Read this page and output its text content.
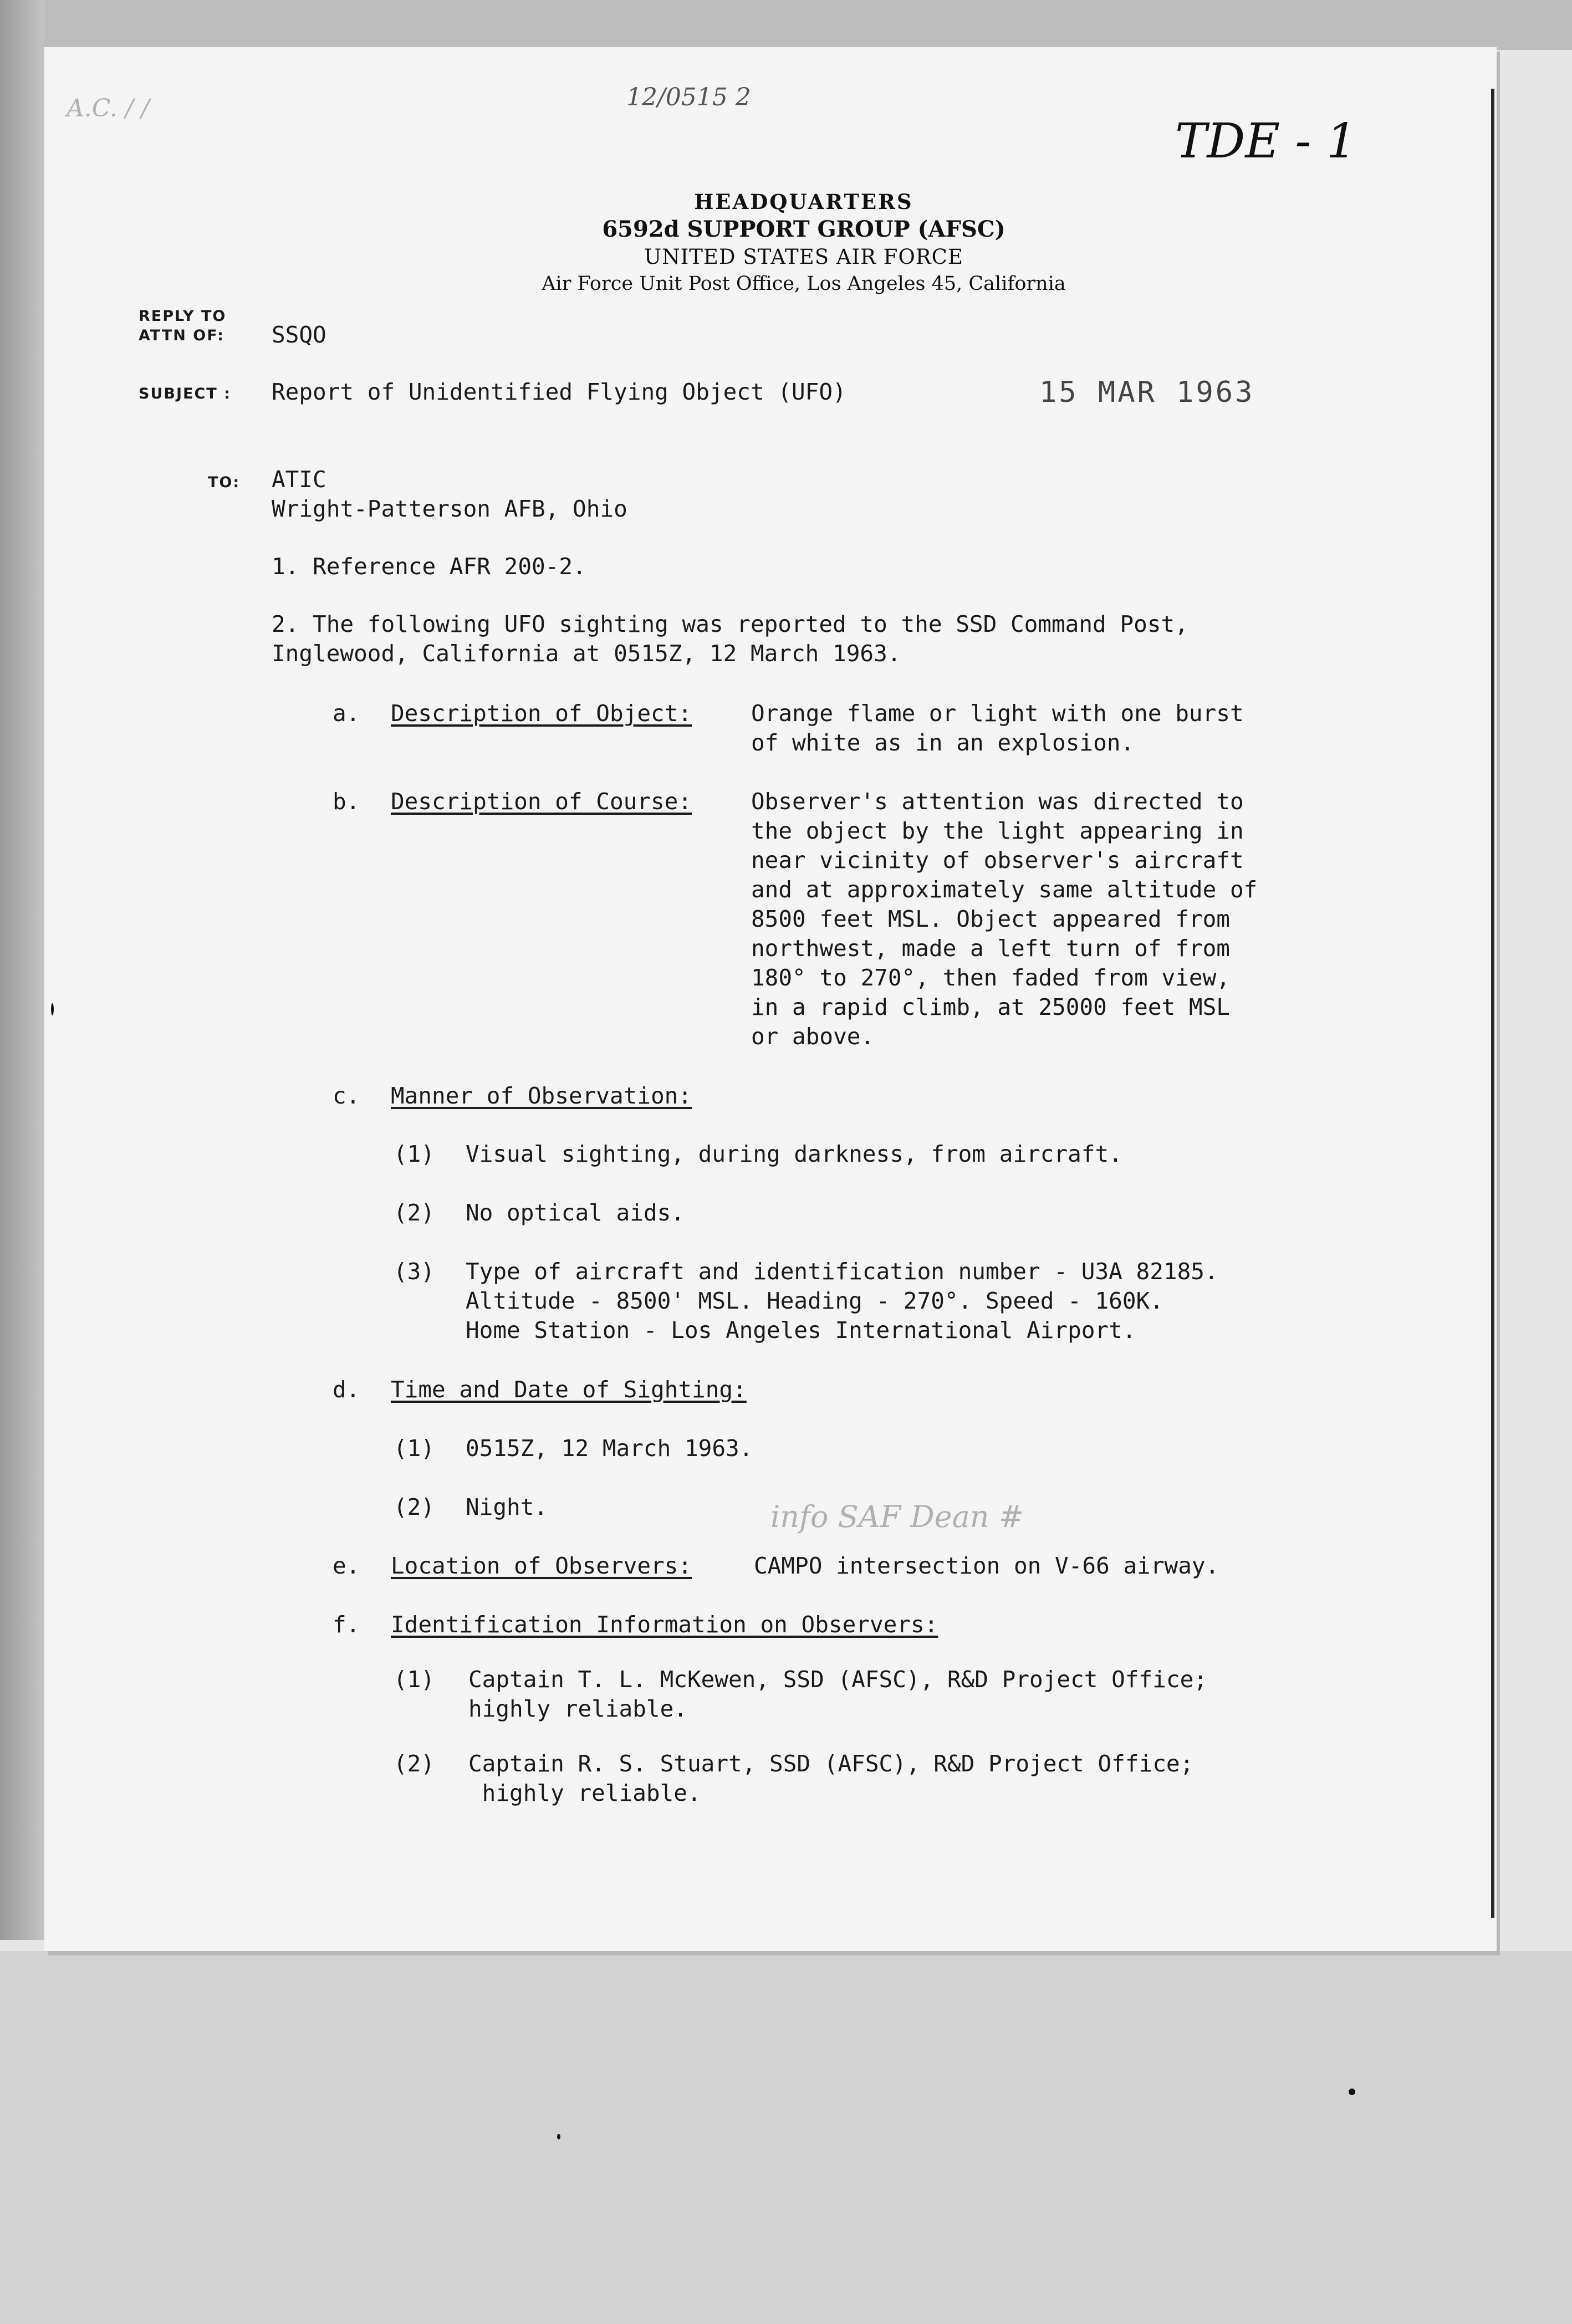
A.C. / /	12/0515 2
TDE - 1
HEADQUARTERS
6592d SUPPORT GROUP (AFSC)
UNITED STATES AIR FORCE
Air Force Unit Post Office, Los Angeles 45, California
REPLY TO
ATTN OF: SSQO
SUBJECT : Report of Unidentified Flying Object (UFO)	15 MAR 1963
TO: ATIC
Wright-Patterson AFB, Ohio
1. Reference AFR 200-2.
2. The following UFO sighting was reported to the SSD Command Post,
Inglewood, California at 0515Z, 12 March 1963.
a. Description of Object:	Orange flame or light with one burst
of white as in an explosion.
b. Description of Course:	Observer's attention was directed to
the object by the light appearing in
near vicinity of observer's aircraft
and at approximately same altitude of
8500 feet MSL. Object appeared from
northwest, made a left turn of from
180° to 270°, then faded from view,
in a rapid climb, at 25000 feet MSL
or above.
c. Manner of Observation:
(1) Visual sighting, during darkness, from aircraft.
(2) No optical aids.
(3) Type of aircraft and identification number - U3A 82185.
Altitude - 8500' MSL. Heading - 270°. Speed - 160K.
Home Station - Los Angeles International Airport.
d. Time and Date of Sighting:
(1) 0515Z, 12 March 1963.
(2) Night.	info SAF Dean #
e. Location of Observers:	CAMPO intersection on V-66 airway.
f. Identification Information on Observers:
(1) Captain T. L. McKewen, SSD (AFSC), R&D Project Office;
highly reliable.
(2) Captain R. S. Stuart, SSD (AFSC), R&D Project Office;
highly reliable.
